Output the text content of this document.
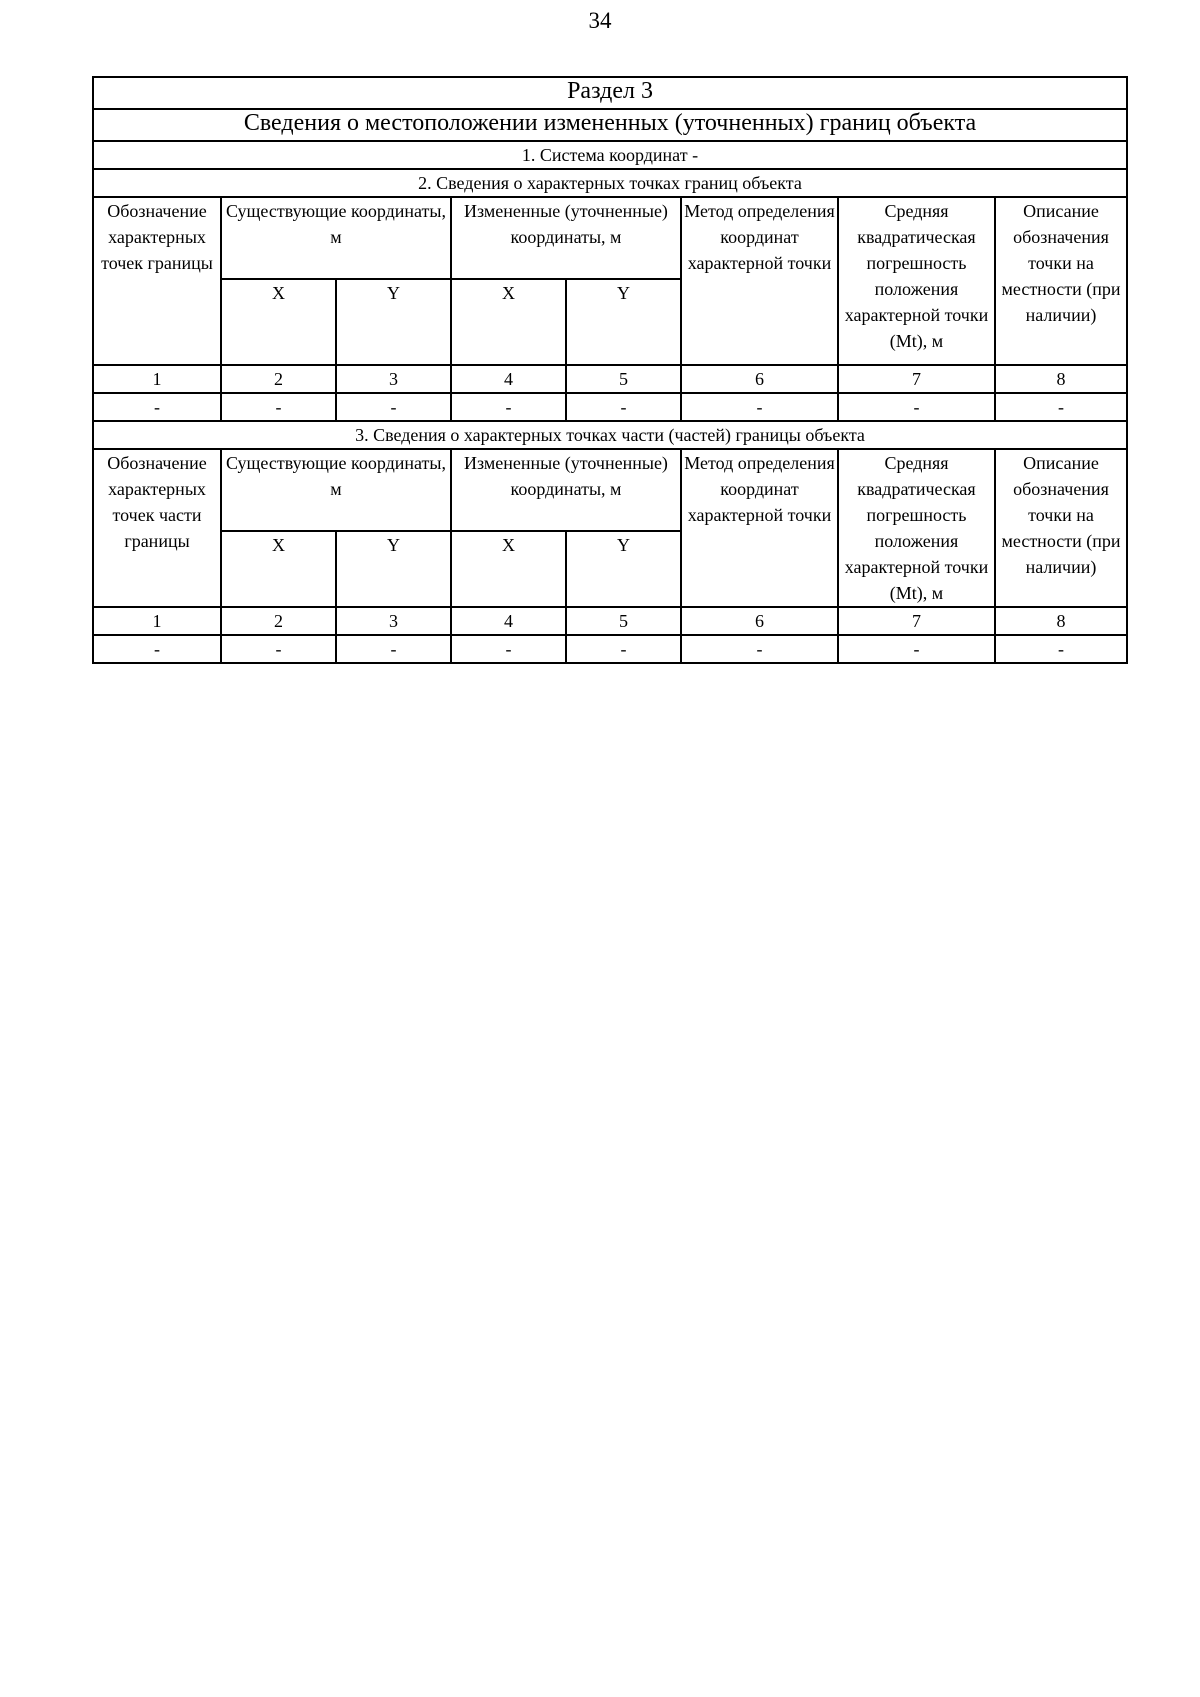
34
Раздел 3							
Сведения о местоположении измененных (уточненных) границ объекта							
1. Система координат -							
2. Сведения о характерных точках границ объекта							
Обозначение характерных точек границы	Существующие координаты, м		Измененные (уточненные) координаты, м		Метод определения координат характерной точки	Средняя квадратическая погрешность положения характерной точки (Mt), м	Описание обозначения точки на местности (при наличии)
	X	Y	X	Y			
1	2	3	4	5	6	7	8
-	-	-	-	-	-	-	-
3. Сведения о характерных точках части (частей) границы объекта							
Обозначение характерных точек части границы	Существующие координаты, м		Измененные (уточненные) координаты, м		Метод определения координат характерной точки	Средняя квадратическая погрешность положения характерной точки (Mt), м	Описание обозначения точки на местности (при наличии)
	X	Y	X	Y			
1	2	3	4	5	6	7	8
-	-	-	-	-	-	-	-
